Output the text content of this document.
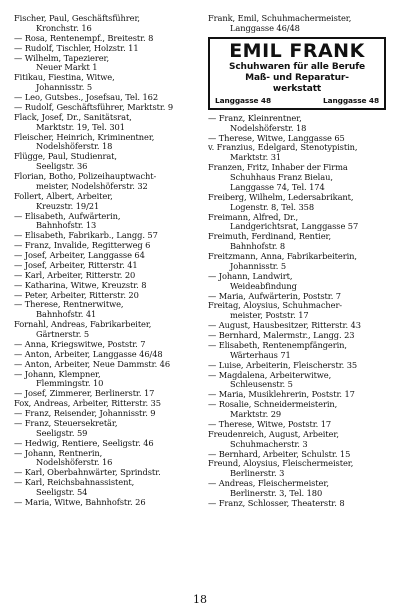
Fischer, Paul, Geschäftsführer,
Kronchstr. 16
— Rosa, Rentenempf., Breitestr. 8
— Rudolf, Tischler, Holzstr. 11
— Wilhelm, Tapezierer,
Neuer Markt 1
Fitikau, Fiestina, Witwe,
Johannisstr. 5
— Leo, Gutsbes., Josefsau, Tel. 162
— Rudolf, Geschäftsführer, Marktstr. 9
Flack, Josef, Dr., Sanitätsrat,
Marktstr. 19, Tel. 301
Fleischer, Heinrich, Kriminentner,
Nodelshöferstr. 18
Flügge, Paul, Studienrat,
Seeligstr. 36
Florian, Botho, Polizeihauptwacht-
meister, Nodelshöferstr. 32
Follert, Albert, Arbeiter,
Kreuzstr. 19/21
— Elisabeth, Aufwärterin,
Bahnhofstr. 13
— Elisabeth, Fabrikarb., Langg. 57
— Franz, Invalide, Regitterweg 6
— Josef, Arbeiter, Langgasse 64
— Josef, Arbeiter, Ritterstr. 41
— Karl, Arbeiter, Ritterstr. 20
— Katharina, Witwe, Kreuzstr. 8
— Peter, Arbeiter, Ritterstr. 20
— Therese, Rentnerwitwe,
Bahnhofstr. 41
Fornahl, Andreas, Fabrikarbeiter,
Gärtnerstr. 5
— Anna, Kriegswitwe, Poststr. 7
— Anton, Arbeiter, Langgasse 46/48
— Anton, Arbeiter, Neue Dammstr. 46
— Johann, Klempner,
Flemmingstr. 10
— Josef, Zimmerer, Berlinerstr. 17
Fox, Andreas, Arbeiter, Ritterstr. 35
— Franz, Reisender, Johannisstr. 9
— Franz, Steuersekretär,
Seeligstr. 59
— Hedwig, Rentiere, Seeligstr. 46
— Johann, Rentnerin,
Nodelshöferstr. 16
— Karl, Oberbahnwärter, Sprindstr.
— Karl, Reichsbahnassistent,
Seeligstr. 54
— Maria, Witwe, Bahnhofstr. 26
Frank, Emil, Schuhmachermeister,
Langgasse 46/48
EMIL FRANK
Schuhwaren für alle Berufe
Maß- und Reparatur-
werkstatt
Langgasse 48	Langgasse 48
— Franz, Kleinrentner,
Nodelshöferstr. 18
— Therese, Witwe, Langgasse 65
v. Franzius, Edelgard, Stenotypistin,
Marktstr. 31
Franzen, Fritz, Inhaber der Firma
Schuhhaus Franz Bielau,
Langgasse 74, Tel. 174
Freiberg, Wilhelm, Ledersabrikant,
Logenstr. 8, Tel. 358
Freimann, Alfred, Dr.,
Landgerichtsrat, Langgasse 57
Freimuth, Ferdinand, Rentier,
Bahnhofstr. 8
Freitzmann, Anna, Fabrikarbeiterin,
Johannisstr. 5
— Johann, Landwirt,
Weideabfindung
— Maria, Aufwärterin, Poststr. 7
Freitag, Aloysius, Schuhmacher-
meister, Poststr. 17
— August, Hausbesitzer, Ritterstr. 43
— Bernhard, Malermstr., Langg. 23
— Elisabeth, Rentenempfängerin,
Wärterhaus 71
— Luise, Arbeiterin, Fleischerstr. 35
— Magdalena, Arbeiterwitwe,
Schleusenstr. 5
— Maria, Musiklehrerin, Poststr. 17
— Rosalie, Schneidermeisterin,
Marktstr. 29
— Therese, Witwe, Poststr. 17
Freudenreich, August, Arbeiter,
Schuhmacherstr. 3
— Bernhard, Arbeiter, Schulstr. 15
Freund, Aloysius, Fleischermeister,
Berlinerstr. 3
— Andreas, Fleischermeister,
Berlinerstr. 3, Tel. 180
— Franz, Schlosser, Theaterstr. 8
18
